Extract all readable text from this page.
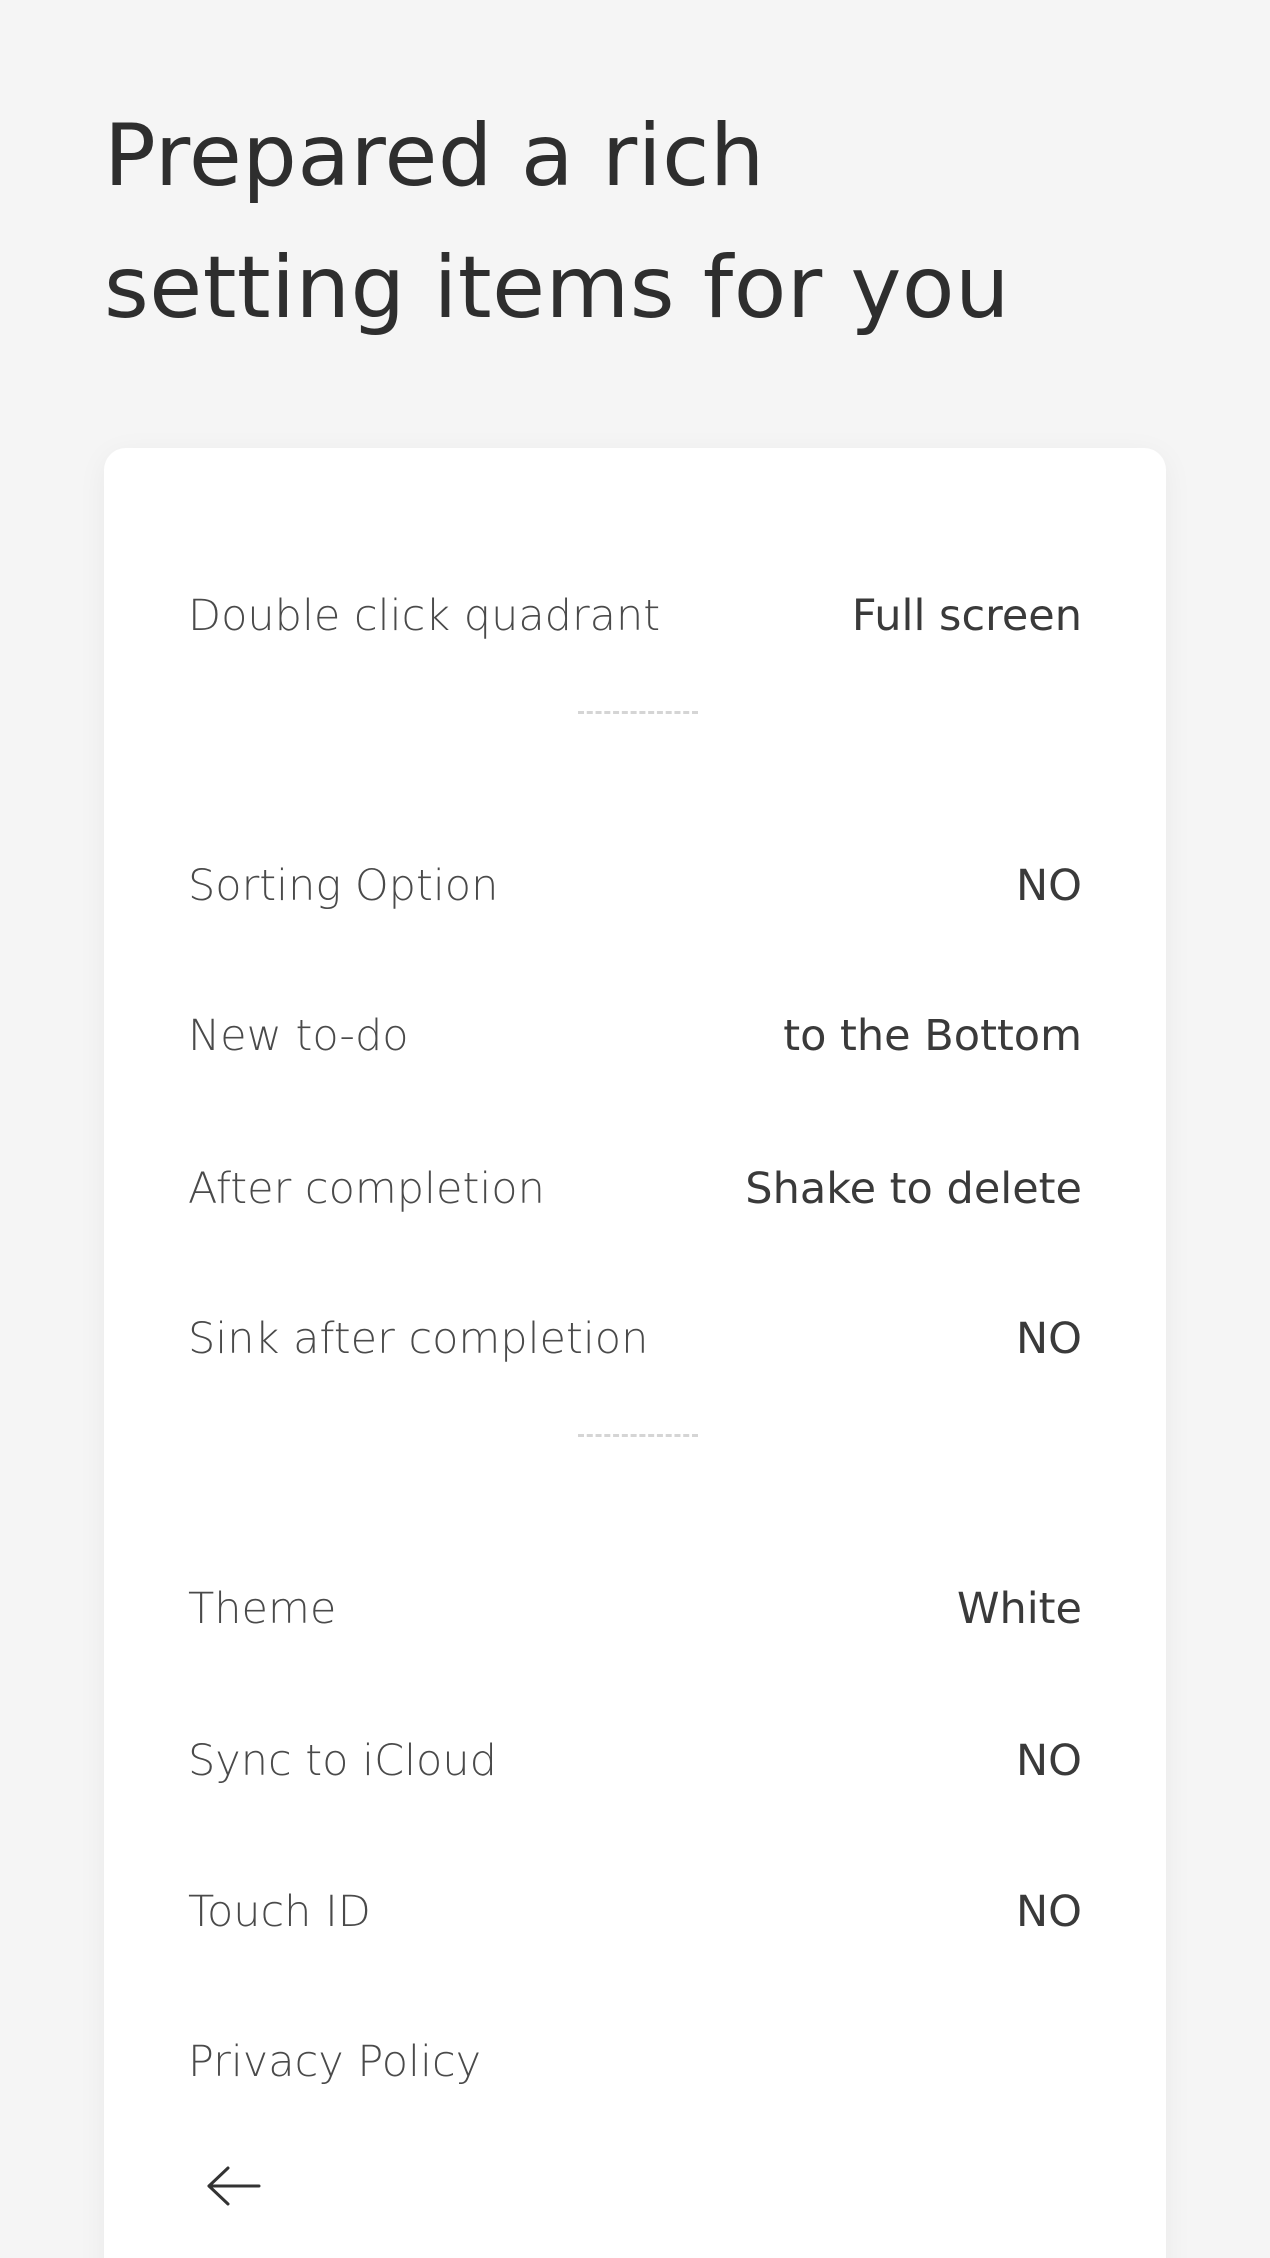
Prepared a rich
setting items for you
Double click quadrant	Full screen
Sorting Option	NO
New to-do	to the Bottom
After completion	Shake to delete
Sink after completion	NO
Theme	White
Sync to iCloud	NO
Touch ID	NO
Privacy Policy
